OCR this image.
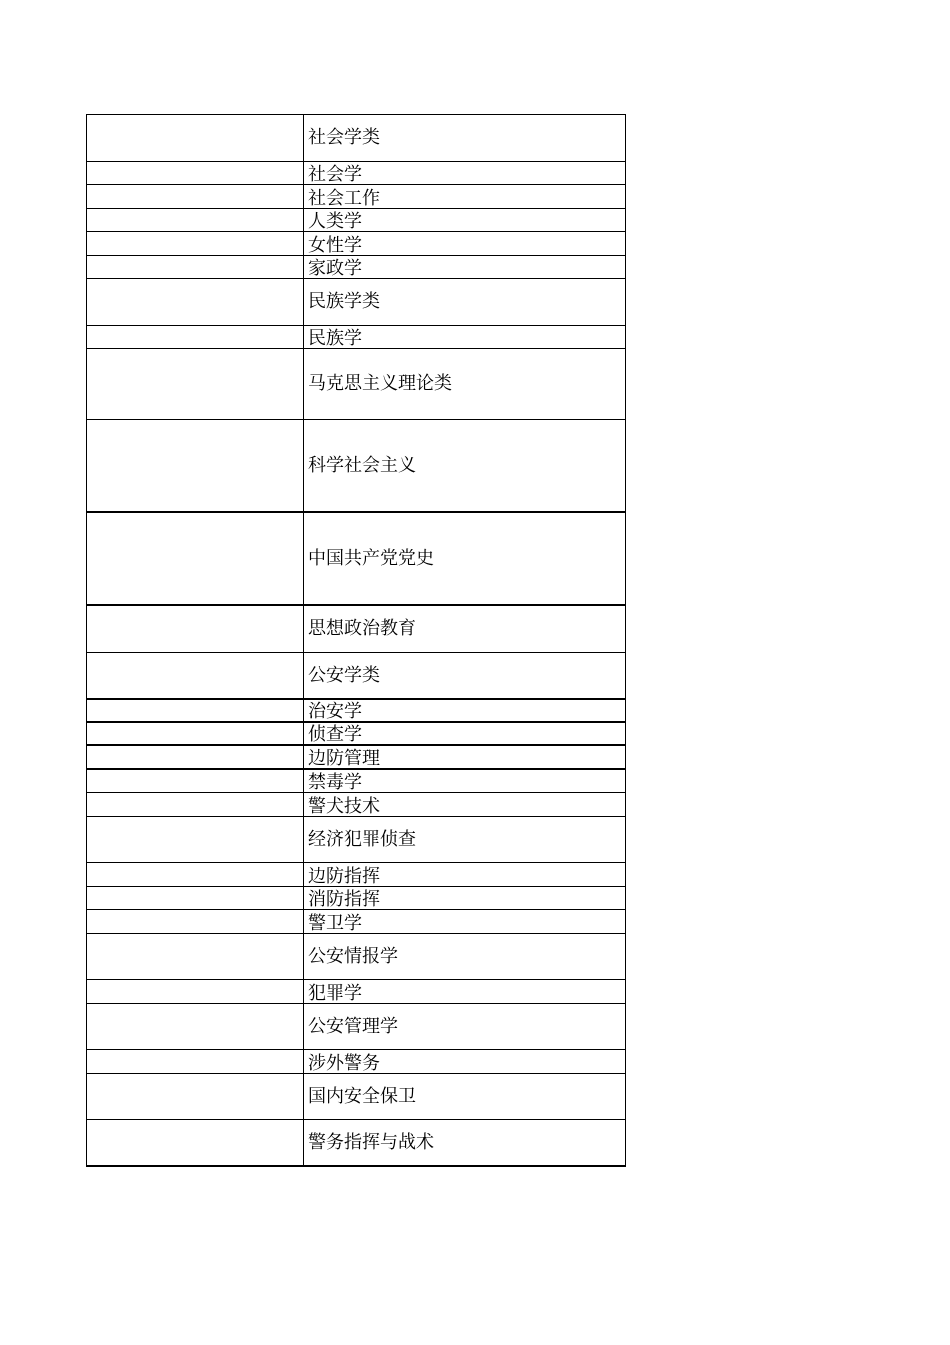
社会学类
社会学
社会工作
人类学
女性学
家政学
民族学类
民族学
马克思主义理论类
科学社会主义
中国共产党党史
思想政治教育
公安学类
治安学
侦查学
边防管理
禁毒学
警犬技术
经济犯罪侦查
边防指挥
消防指挥
警卫学
公安情报学
犯罪学
公安管理学
涉外警务
国内安全保卫
警务指挥与战术
